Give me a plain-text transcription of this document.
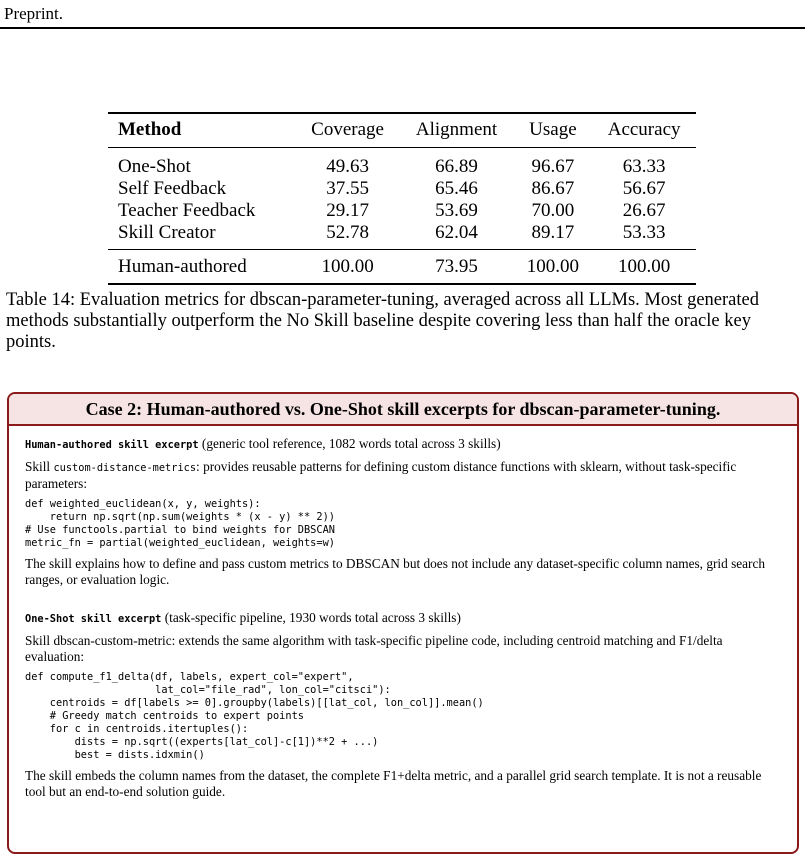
Preprint.
Method	Coverage	Alignment	Usage	Accuracy
One-Shot	49.63	66.89	96.67	63.33
Self Feedback	37.55	65.46	86.67	56.67
Teacher Feedback	29.17	53.69	70.00	26.67
Skill Creator	52.78	62.04	89.17	53.33
Human-authored	100.00	73.95	100.00	100.00

Table 14: Evaluation metrics for dbscan-parameter-tuning, averaged across all LLMs. Most generated methods substantially outperform the No Skill baseline despite covering less than half the oracle key points.

Case 2: Human-authored vs. One-Shot skill excerpts for dbscan-parameter-tuning.
Human-authored skill excerpt (generic tool reference, 1082 words total across 3 skills)
Skill custom-distance-metrics: provides reusable patterns for defining custom distance functions with sklearn, without task-specific parameters:
def weighted_euclidean(x, y, weights):
return np.sqrt(np.sum(weights * (x - y) ** 2))
# Use functools.partial to bind weights for DBSCAN
metric_fn = partial(weighted_euclidean, weights=w)
The skill explains how to define and pass custom metrics to DBSCAN but does not include any dataset-specific column names, grid search ranges, or evaluation logic.
One-Shot skill excerpt (task-specific pipeline, 1930 words total across 3 skills)
Skill dbscan-custom-metric: extends the same algorithm with task-specific pipeline code, including centroid matching and F1/delta evaluation:
def compute_f1_delta(df, labels, expert_col="expert",
lat_col="file_rad", lon_col="citsci"):
centroids = df[labels >= 0].groupby(labels)[[lat_col, lon_col]].mean()
# Greedy match centroids to expert points
for c in centroids.itertuples():
dists = np.sqrt((experts[lat_col]-c[1])**2 + ...)
best = dists.idxmin()
The skill embeds the column names from the dataset, the complete F1+delta metric, and a parallel grid search template. It is not a reusable tool but an end-to-end solution guide.
